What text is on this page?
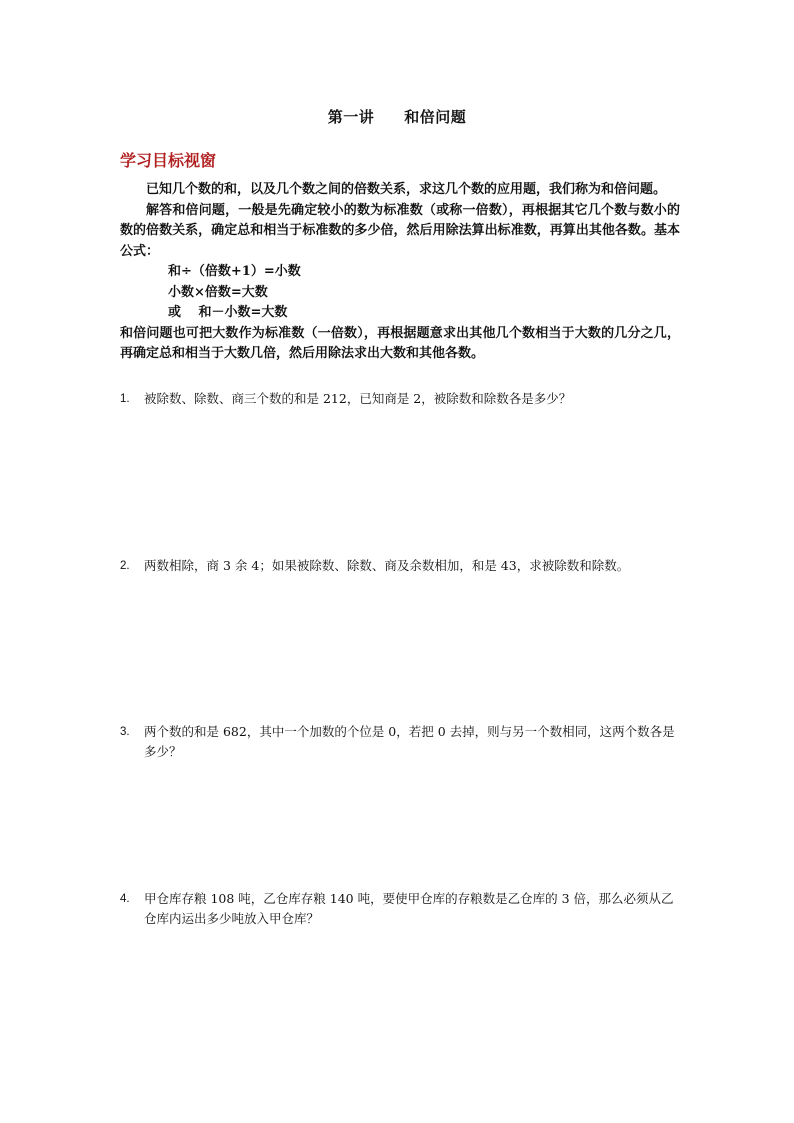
第一讲 和倍问题
学习目标视窗

已知几个数的和，以及几个数之间的倍数关系，求这几个数的应用题，我们称为和倍问题。

解答和倍问题，一般是先确定较小的数为标准数（或称一倍数），再根据其它几个数与数小的数的倍数关系，确定总和相当于标准数的多少倍，然后用除法算出标准数，再算出其他各数。基本公式：

和÷（倍数+1）=小数

小数×倍数=大数

或　 和－小数=大数

和倍问题也可把大数作为标准数（一倍数），再根据题意求出其他几个数相当于大数的几分之几，再确定总和相当于大数几倍，然后用除法求出大数和其他各数。

1.	被除数、除数、商三个数的和是 212，已知商是 2，被除数和除数各是多少？
2.	两数相除，商 3 余 4；如果被除数、除数、商及余数相加，和是 43，求被除数和除数。
3.	两个数的和是 682，其中一个加数的个位是 0，若把 0 去掉，则与另一个数相同，这两个数各是多少？
4.	甲仓库存粮 108 吨，乙仓库存粮 140 吨，要使甲仓库的存粮数是乙仓库的 3 倍，那么必须从乙仓库内运出多少吨放入甲仓库？
